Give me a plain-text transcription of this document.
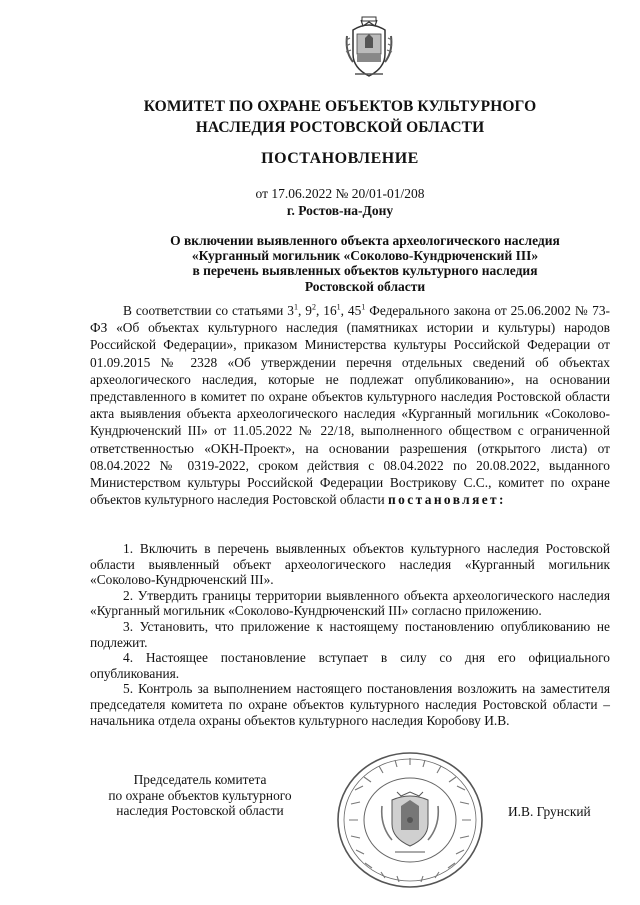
КОМИТЕТ ПО ОХРАНЕ ОБЪЕКТОВ КУЛЬТУРНОГО
НАСЛЕДИЯ РОСТОВСКОЙ ОБЛАСТИ
ПОСТАНОВЛЕНИЕ
от 17.06.2022 № 20/01-01/208
г. Ростов-на-Дону
О включении выявленного объекта археологического наследия
«Курганный могильник «Соколово-Кундрюченский III»
в перечень выявленных объектов культурного наследия
Ростовской области

В соответствии со статьями $3^1$, $9^2$, $16^1$, $45^1$ Федерального закона от 25.06.2002 № 73-ФЗ «Об объектах культурного наследия (памятниках истории и культуры) народов Российской Федерации», приказом Министерства культуры Российской Федерации от 01.09.2015 № 2328 «Об утверждении перечня отдельных сведений об объектах археологического наследия, которые не подлежат опубликованию», на основании представленного в комитет по охране объектов культурного наследия Ростовской области акта выявления объекта археологического наследия «Курганный могильник «Соколово-Кундрюченский III» от 11.05.2022 № 22/18, выполненного обществом с ограниченной ответственностью «ОКН-Проект», на основании разрешения (открытого листа) от 08.04.2022 № 0319-2022, сроком действия с 08.04.2022 по 20.08.2022, выданного Министерством культуры Российской Федерации Вострикову С.С., комитет по охране объектов культурного наследия Ростовской области постановляет:

1. Включить в перечень выявленных объектов культурного наследия Ростовской области выявленный объект археологического наследия «Курганный могильник «Соколово-Кундрюченский III».
2. Утвердить границы территории выявленного объекта археологического наследия «Курганный могильник «Соколово-Кундрюченский III» согласно приложению.
3. Установить, что приложение к настоящему постановлению опубликованию не подлежит.
4. Настоящее постановление вступает в силу со дня его официального опубликования.
5. Контроль за выполнением настоящего постановления возложить на заместителя председателя комитета по охране объектов культурного наследия Ростовской области – начальника отдела охраны объектов культурного наследия Коробову И.В.
Председатель комитета
по охране объектов культурного
наследия Ростовской области	И.В. Грунский
